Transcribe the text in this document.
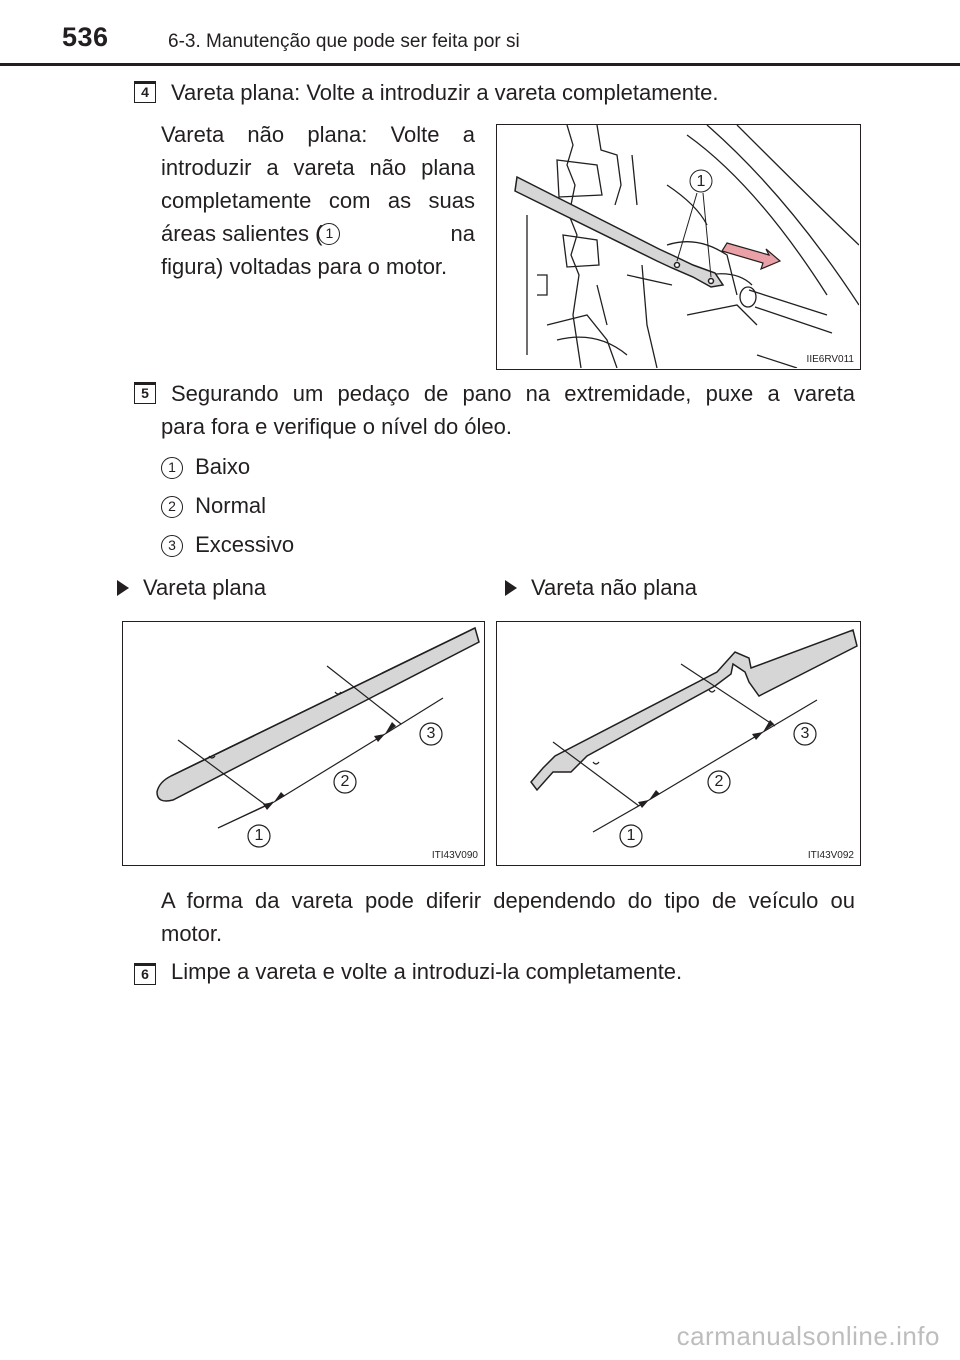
536	6-3. Manutenção que pode ser feita por si
4	Vareta plana: Volte a introduzir a vareta completamente.
Vareta não plana: Volte a
introduzir a vareta não plana
completamente com as suas
áreas salientes ( 1	na
figura) voltadas para o motor.
1
IIE6RV011
5	Segurando um pedaço de pano na extremidade, puxe a vareta
para fora e verifique o nível do óleo.
1 Baixo
2 Normal
3 Excessivo
Vareta plana	Vareta não plana
1
2
3
ITI43V090
1
2
3
ITI43V092
A forma da vareta pode diferir dependendo do tipo de veículo ou
motor.
6	Limpe a vareta e volte a introduzi-la completamente.
carmanualsonline.info
